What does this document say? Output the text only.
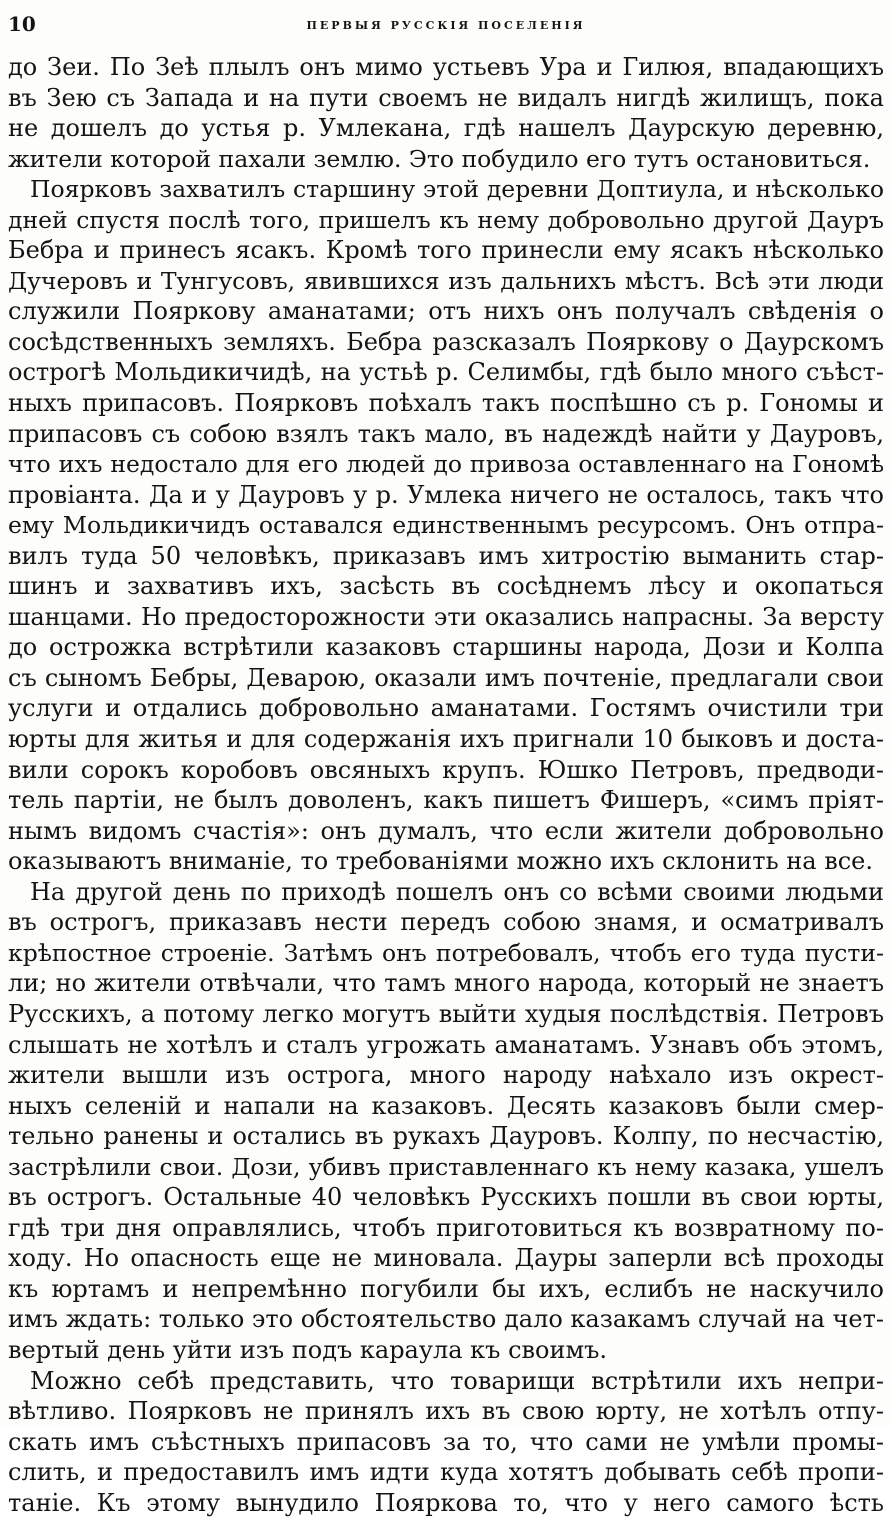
10	ПЕРВЫЯ РУССКІЯ ПОСЕЛЕНІЯ
до Зеи. По Зеѣ плылъ онъ мимо устьевъ Ура и Гилюя, впадающихъ
въ Зею съ Запада и на пути своемъ не видалъ нигдѣ жилищъ, пока
не дошелъ до устья р. Умлекана, гдѣ нашелъ Даурскую деревню,
жители которой пахали землю. Это побудило его тутъ остановиться.
Поярковъ захватилъ старшину этой деревни Доптиула, и нѣсколько
дней спустя послѣ того, пришелъ къ нему добровольно другой Дауръ
Бебра и принесъ ясакъ. Кромѣ того принесли ему ясакъ нѣсколько
Дучеровъ и Тунгусовъ, явившихся изъ дальнихъ мѣстъ. Всѣ эти люди
служили Пояркову аманатами; отъ нихъ онъ получалъ свѣденія о
сосѣдственныхъ земляхъ. Бебра разсказалъ Пояркову о Даурскомъ
острогѣ Мольдикичидѣ, на устьѣ р. Селимбы, гдѣ было много съѣст-
ныхъ припасовъ. Поярковъ поѣхалъ такъ поспѣшно съ р. Гономы и
припасовъ съ собою взялъ такъ мало, въ надеждѣ найти у Дауровъ,
что ихъ недостало для его людей до привоза оставленнаго на Гономѣ
провіанта. Да и у Дауровъ у р. Умлека ничего не осталось, такъ что
ему Мольдикичидъ оставался единственнымъ ресурсомъ. Онъ отпра-
вилъ туда 50 человѣкъ, приказавъ имъ хитростію выманить стар-
шинъ и захвативъ ихъ, засѣсть въ сосѣднемъ лѣсу и окопаться
шанцами. Но предосторожности эти оказались напрасны. За версту
до острожка встрѣтили казаковъ старшины народа, Дози и Колпа
съ сыномъ Бебры, Деварою, оказали имъ почтеніе, предлагали свои
услуги и отдались добровольно аманатами. Гостямъ очистили три
юрты для житья и для содержанія ихъ пригнали 10 быковъ и доста-
вили сорокъ коробовъ овсяныхъ крупъ. Юшко Петровъ, предводи-
тель партіи, не былъ доволенъ, какъ пишетъ Фишеръ, «симъ пріят-
нымъ видомъ счастія»: онъ думалъ, что если жители добровольно
оказываютъ вниманіе, то требованіями можно ихъ склонить на все.
На другой день по приходѣ пошелъ онъ со всѣми своими людьми
въ острогъ, приказавъ нести передъ собою знамя, и осматривалъ
крѣпостное строеніе. Затѣмъ онъ потребовалъ, чтобъ его туда пусти-
ли; но жители отвѣчали, что тамъ много народа, который не знаетъ
Русскихъ, а потому легко могутъ выйти худыя послѣдствія. Петровъ
слышать не хотѣлъ и сталъ угрожать аманатамъ. Узнавъ объ этомъ,
жители вышли изъ острога, много народу наѣхало изъ окрест-
ныхъ селеній и напали на казаковъ. Десять казаковъ были смер-
тельно ранены и остались въ рукахъ Дауровъ. Колпу, по несчастію,
застрѣлили свои. Дози, убивъ приставленнаго къ нему казака, ушелъ
въ острогъ. Остальные 40 человѣкъ Русскихъ пошли въ свои юрты,
гдѣ три дня оправлялись, чтобъ приготовиться къ возвратному по-
ходу. Но опасность еще не миновала. Дауры заперли всѣ проходы
къ юртамъ и непремѣнно погубили бы ихъ, еслибъ не наскучило
имъ ждать: только это обстоятельство дало казакамъ случай на чет-
вертый день уйти изъ подъ караула къ своимъ.
Можно себѣ представить, что товарищи встрѣтили ихъ непри-
вѣтливо. Поярковъ не принялъ ихъ въ свою юрту, не хотѣлъ отпу-
скать имъ съѣстныхъ припасовъ за то, что сами не умѣли промы-
слить, и предоставилъ имъ идти куда хотятъ добывать себѣ пропи-
таніе. Къ этому вынудило Пояркова то, что у него самого ѣсть
